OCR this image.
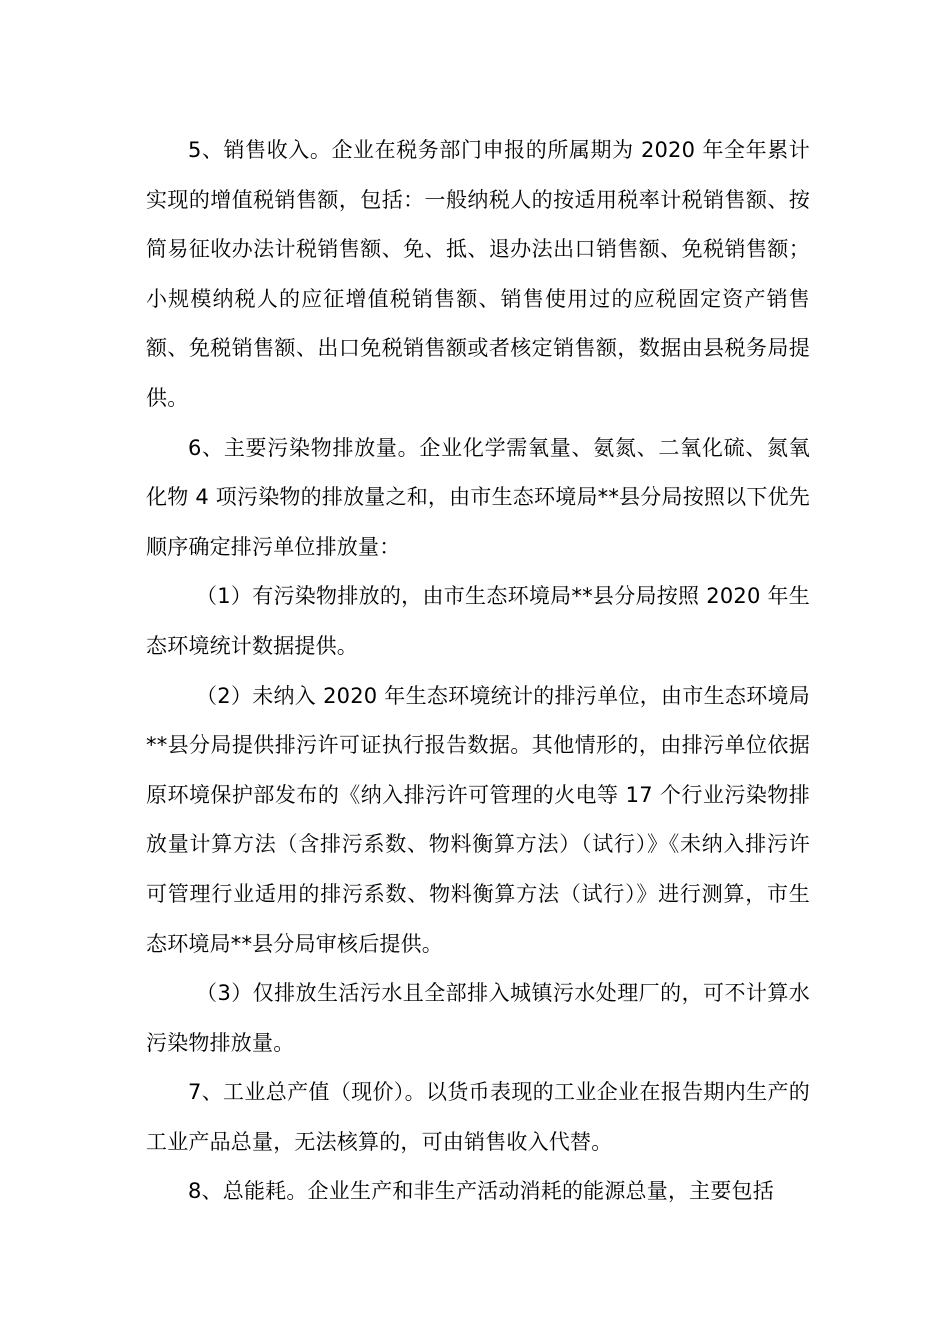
5、销售收入。企业在税务部门申报的所属期为 2020 年全年累计实现的增值税销售额，包括：一般纳税人的按适用税率计税销售额、按简易征收办法计税销售额、免、抵、退办法出口销售额、免税销售额；小规模纳税人的应征增值税销售额、销售使用过的应税固定资产销售额、免税销售额、出口免税销售额或者核定销售额，数据由县税务局提供。

6、主要污染物排放量。企业化学需氧量、氨氮、二氧化硫、氮氧化物 4 项污染物的排放量之和，由市生态环境局**县分局按照以下优先顺序确定排污单位排放量：

（1）有污染物排放的，由市生态环境局**县分局按照 2020 年生态环境统计数据提供。

（2）未纳入 2020 年生态环境统计的排污单位，由市生态环境局**县分局提供排污许可证执行报告数据。其他情形的，由排污单位依据原环境保护部发布的《纳入排污许可管理的火电等 17 个行业污染物排放量计算方法（含排污系数、物料衡算方法）（试行）》《未纳入排污许可管理行业适用的排污系数、物料衡算方法（试行）》进行测算，市生态环境局**县分局审核后提供。

（3）仅排放生活污水且全部排入城镇污水处理厂的，可不计算水污染物排放量。

7、工业总产值（现价）。以货币表现的工业企业在报告期内生产的工业产品总量，无法核算的，可由销售收入代替。

8、总能耗。企业生产和非生产活动消耗的能源总量，主要包括
